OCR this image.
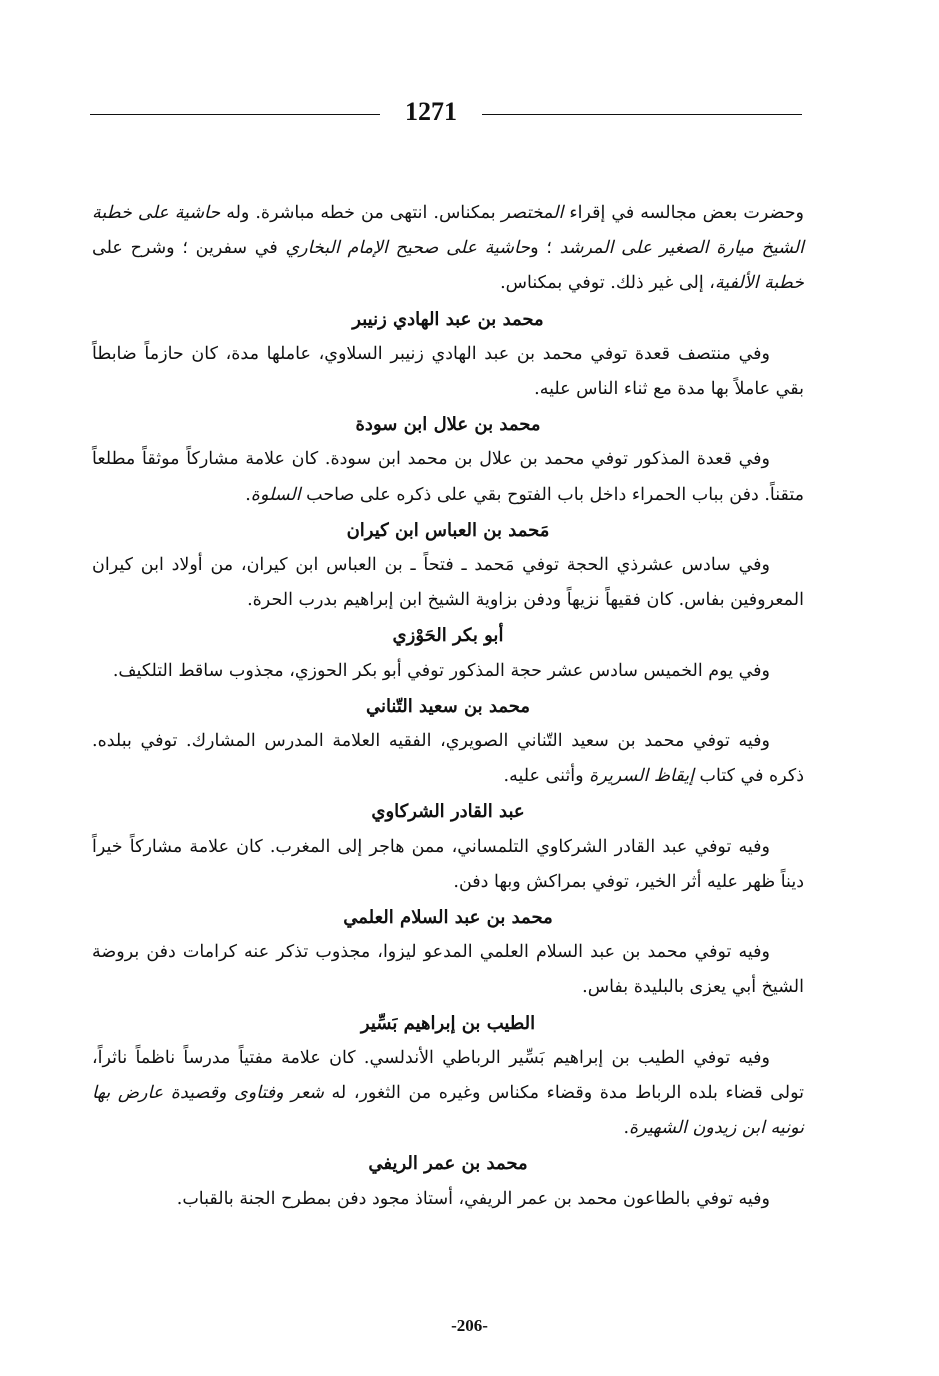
1271

وحضرت بعض مجالسه في إقراء المختصر بمكناس. انتهى من خطه مباشرة. وله حاشية على خطبة الشيخ ميارة الصغير على المرشد ؛ وحاشية على صحيح الإمام البخاري في سفرين ؛ وشرح على خطبة الألفية، إلى غير ذلك. توفي بمكناس.

محمد بن عبد الهادي زنيبر

وفي منتصف قعدة توفي محمد بن عبد الهادي زنيبر السلاوي، عاملها مدة، كان حازماً ضابطاً بقي عاملاً بها مدة مع ثناء الناس عليه.

محمد بن علال ابن سودة

وفي قعدة المذكور توفي محمد بن علال بن محمد ابن سودة. كان علامة مشاركاً موثقاً مطلعاً متقناً. دفن بباب الحمراء داخل باب الفتوح بقي على ذكره على صاحب السلوة.

مَحمد بن العباس ابن كيران

وفي سادس عشرذي الحجة توفي مَحمد ـ فتحاً ـ بن العباس ابن كيران، من أولاد ابن كيران المعروفين بفاس. كان فقيهاً نزيهاً ودفن بزاوية الشيخ ابن إبراهيم بدرب الحرة.

أبو بكر الحَوْزي

وفي يوم الخميس سادس عشر حجة المذكور توفي أبو بكر الحوزي، مجذوب ساقط التلكيف.

محمد بن سعيد التّناني

وفيه توفي محمد بن سعيد التّناني الصويري، الفقيه العلامة المدرس المشارك. توفي ببلده. ذكره في كتاب إيقاظ السريرة وأثنى عليه.

عبد القادر الشركاوي

وفيه توفي عبد القادر الشركاوي التلمساني، ممن هاجر إلى المغرب. كان علامة مشاركاً خيراً ديناً ظهر عليه أثر الخير، توفي بمراكش وبها دفن.

محمد بن عبد السلام العلمي

وفيه توفي محمد بن عبد السلام العلمي المدعو ليزوا، مجذوب تذكر عنه كرامات دفن بروضة الشيخ أبي يعزى بالبليدة بفاس.

الطيب بن إبراهيم بَسِّير

وفيه توفي الطيب بن إبراهيم بَسِّير الرباطي الأندلسي. كان علامة مفتياً مدرساً ناظماً ناثراً، تولى قضاء بلده الرباط مدة وقضاء مكناس وغيره من الثغور، له شعر وفتاوى وقصيدة عارض بها نونيه ابن زيدون الشهيرة.

محمد بن عمر الريفي

وفيه توفي بالطاعون محمد بن عمر الريفي، أستاذ مجود دفن بمطرح الجنة بالقباب.

-206-
